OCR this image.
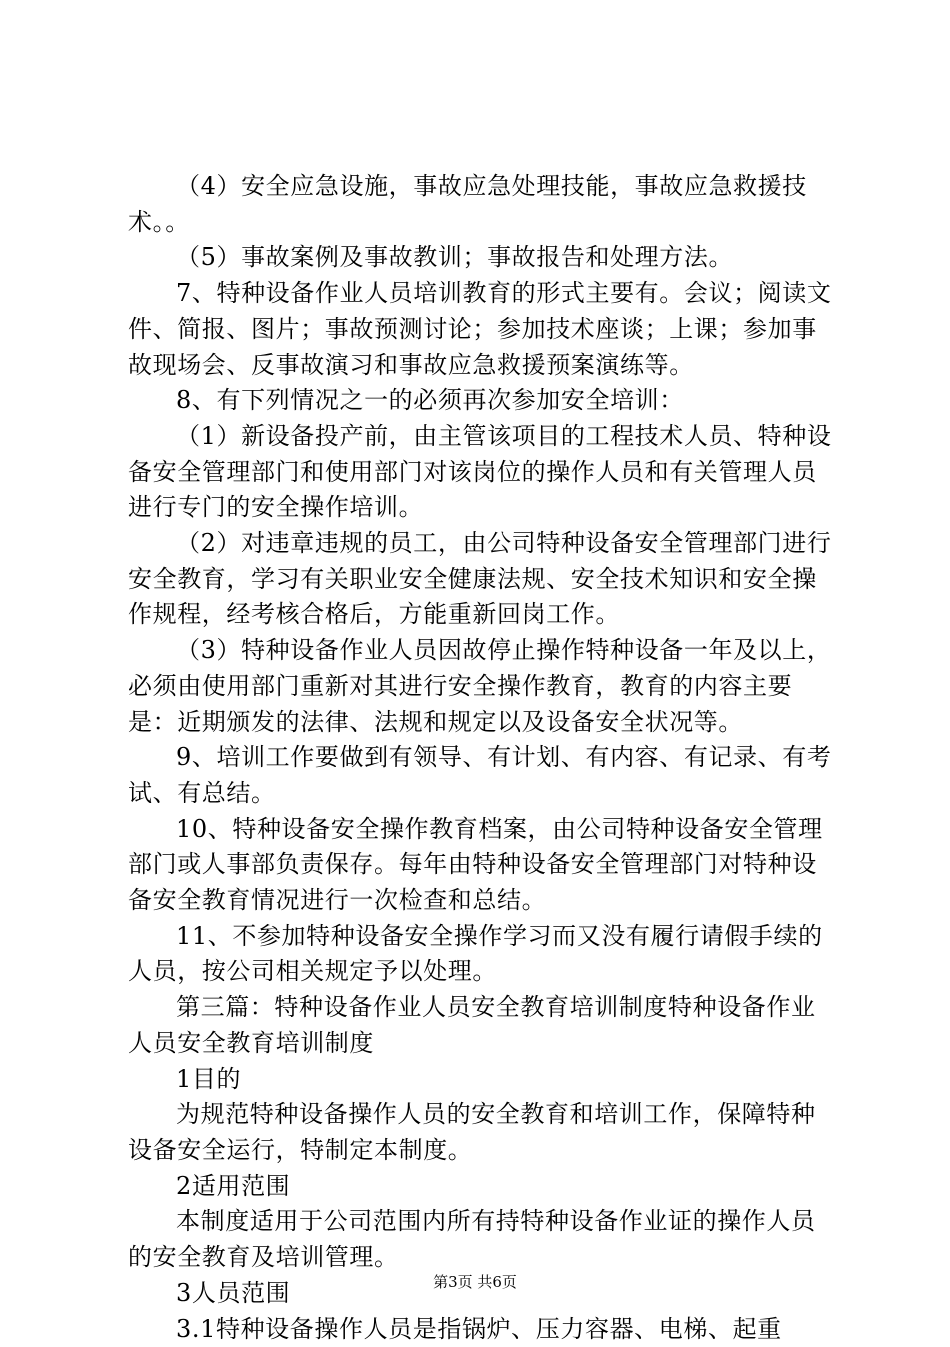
（4）安全应急设施，事故应急处理技能，事故应急救援技术。。

（5）事故案例及事故教训；事故报告和处理方法。

7、特种设备作业人员培训教育的形式主要有。会议；阅读文件、简报、图片；事故预测讨论；参加技术座谈；上课；参加事故现场会、反事故演习和事故应急救援预案演练等。

8、有下列情况之一的必须再次参加安全培训：

（1）新设备投产前，由主管该项目的工程技术人员、特种设备安全管理部门和使用部门对该岗位的操作人员和有关管理人员进行专门的安全操作培训。

（2）对违章违规的员工，由公司特种设备安全管理部门进行安全教育，学习有关职业安全健康法规、安全技术知识和安全操作规程，经考核合格后，方能重新回岗工作。

（3）特种设备作业人员因故停止操作特种设备一年及以上，必须由使用部门重新对其进行安全操作教育，教育的内容主要是：近期颁发的法律、法规和规定以及设备安全状况等。

9、培训工作要做到有领导、有计划、有内容、有记录、有考试、有总结。

10、特种设备安全操作教育档案，由公司特种设备安全管理部门或人事部负责保存。每年由特种设备安全管理部门对特种设备安全教育情况进行一次检查和总结。

11、不参加特种设备安全操作学习而又没有履行请假手续的人员，按公司相关规定予以处理。

第三篇：特种设备作业人员安全教育培训制度特种设备作业人员安全教育培训制度

1目的

为规范特种设备操作人员的安全教育和培训工作，保障特种设备安全运行，特制定本制度。

2适用范围

本制度适用于公司范围内所有持特种设备作业证的操作人员的安全教育及培训管理。

3人员范围

3.1特种设备操作人员是指锅炉、压力容器、电梯、起重

第3页 共6页
